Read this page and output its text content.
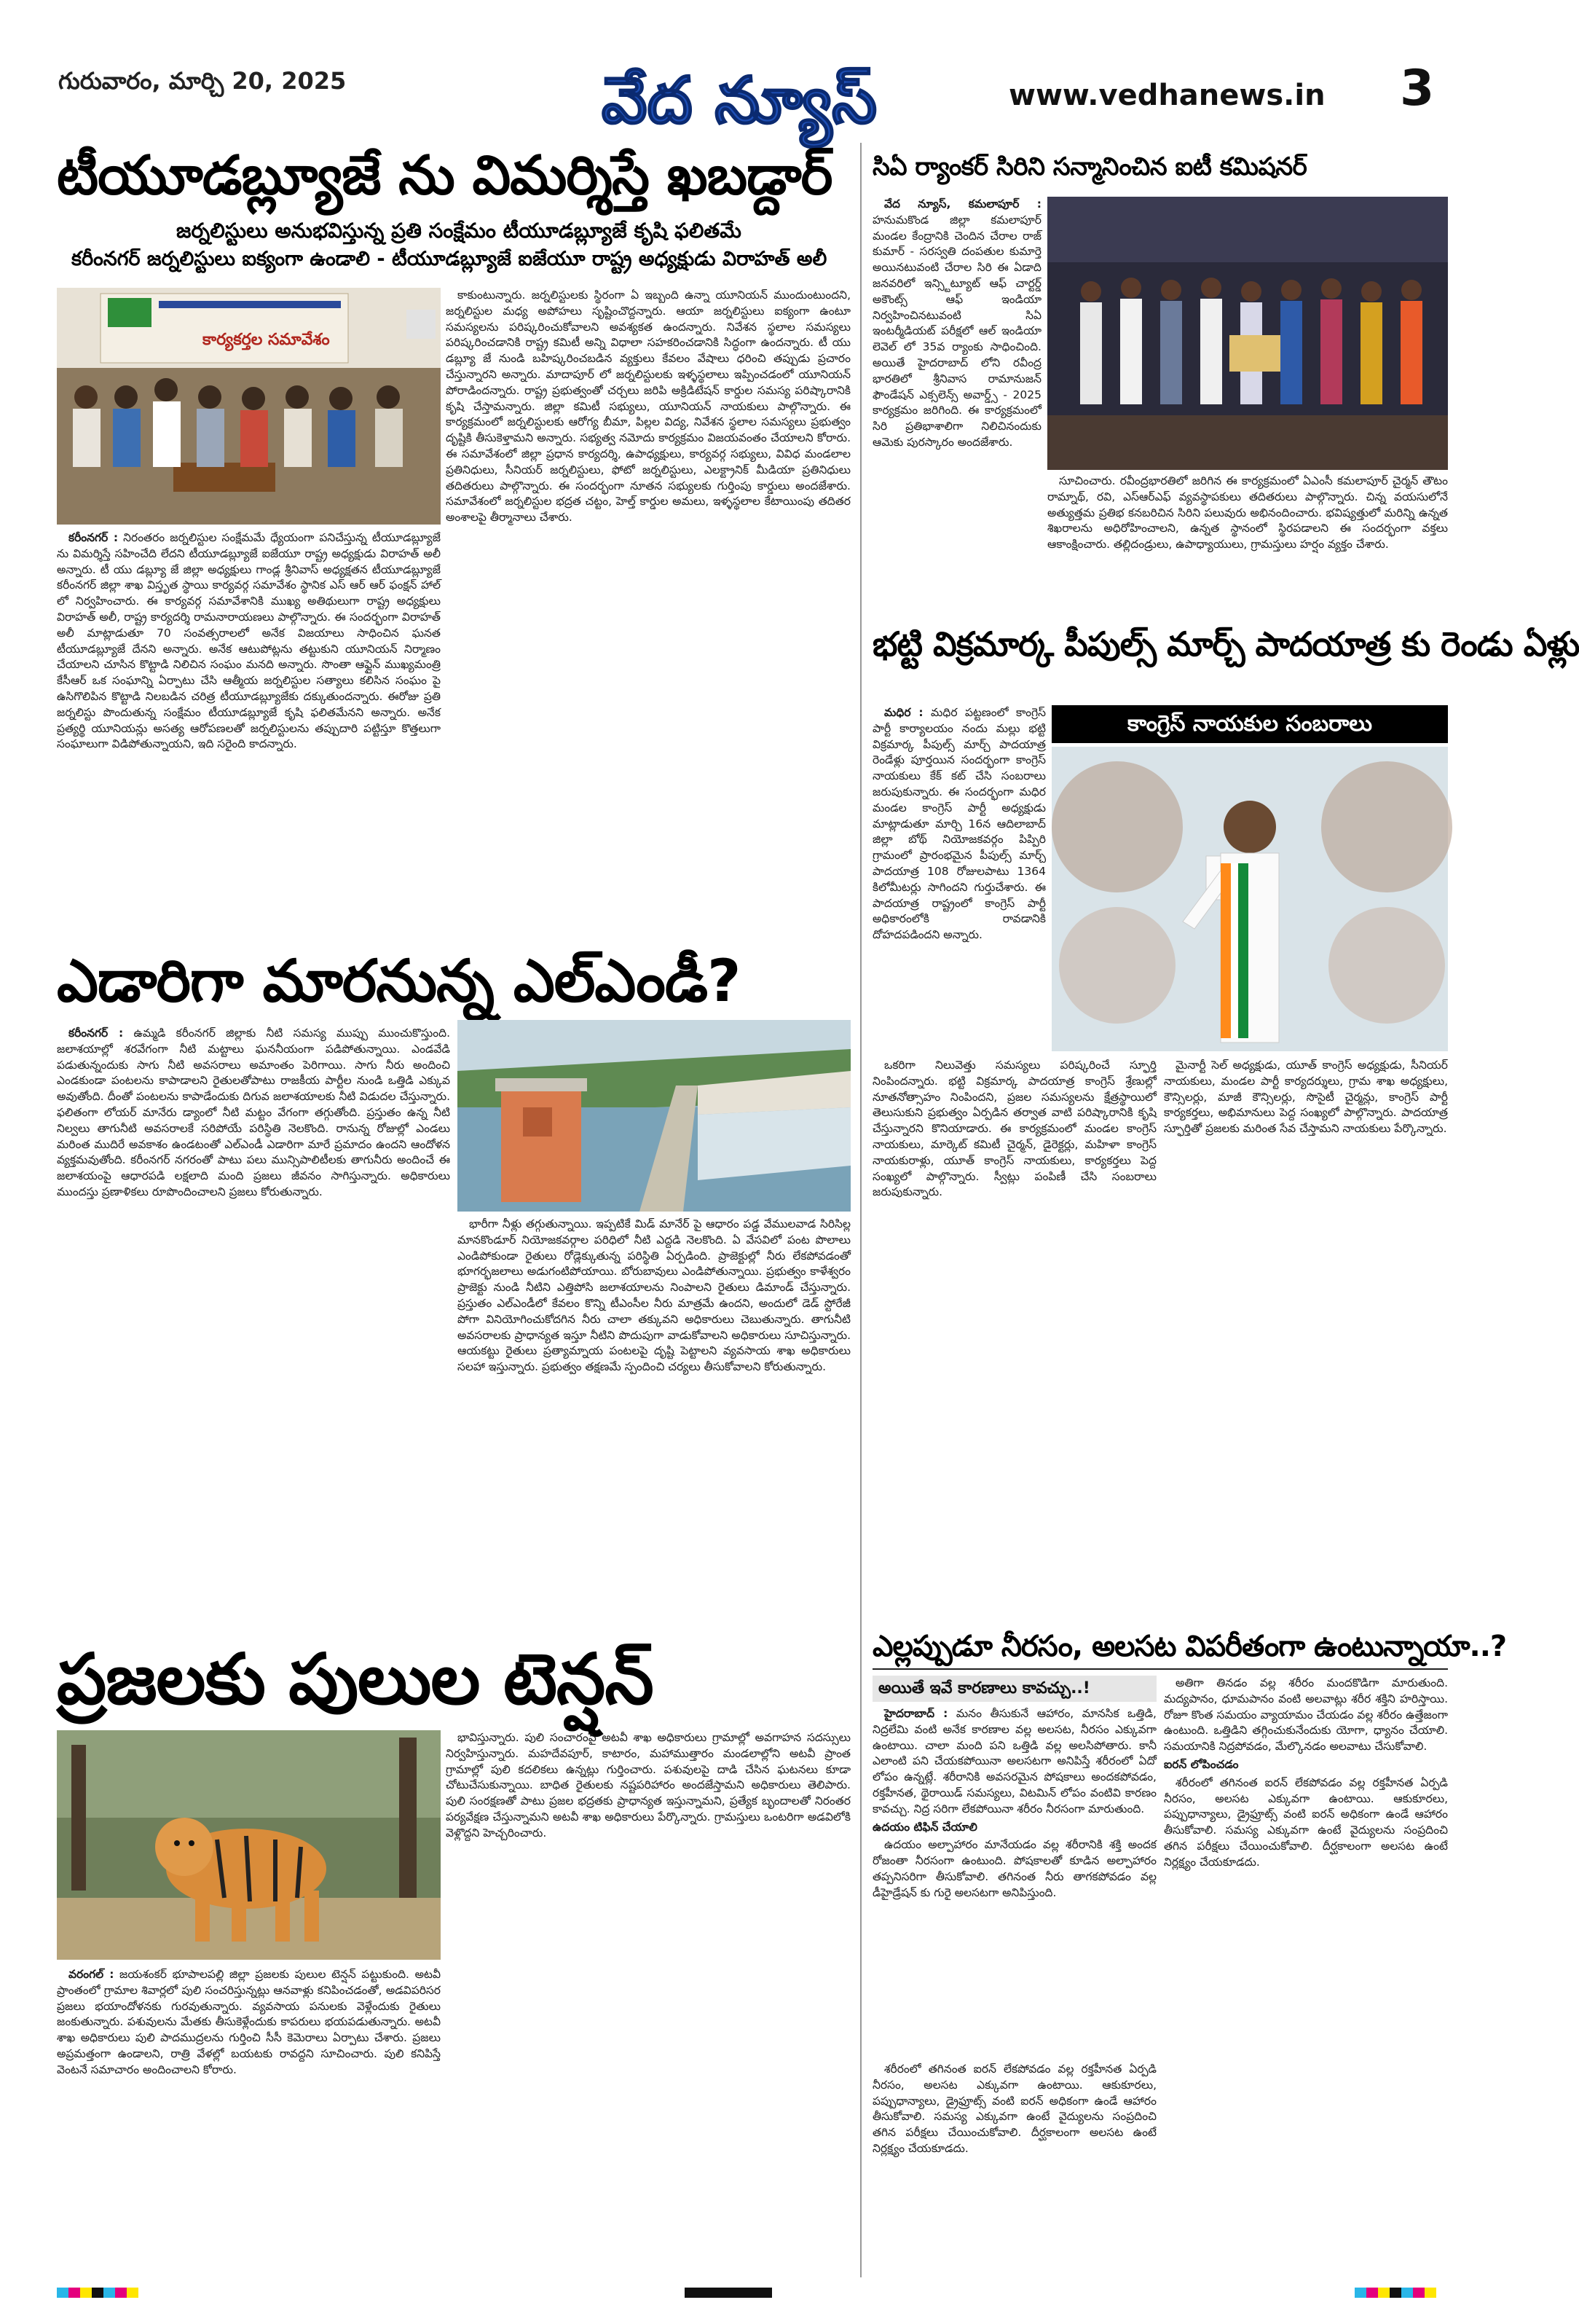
గురువారం, మార్చి 20, 2025	వేద న్యూస్	www.vedhanews.in 3
టీయూడబ్ల్యూజే ను విమర్శిస్తే ఖబడ్దార్
జర్నలిస్టులు అనుభవిస్తున్న ప్రతి సంక్షేమం టీయూడబ్ల్యూజే కృషి ఫలితమే
కరీంనగర్ జర్నలిస్టులు ఐక్యంగా ఉండాలి - టీయూడబ్ల్యూజే ఐజేయూ రాష్ట్ర అధ్యక్షుడు విరాహత్ అలీ
కార్యకర్తల సమావేశం

కాకుంటున్నారు. జర్నలిస్టులకు స్థిరంగా ఏ ఇబ్బంది ఉన్నా యూనియన్ ముందుంటుందని, జర్నలిస్టుల మధ్య అపోహలు సృష్టించొద్దన్నారు. ఆయా జర్నలిస్టులు ఐక్యంగా ఉంటూ సమస్యలను పరిష్కరించుకోవాలని అవశ్యకత ఉందన్నారు. నివేశన స్థలాల సమస్యలు పరిష్కరించడానికి రాష్ట్ర కమిటీ అన్ని విధాలా సహకరించడానికి సిద్ధంగా ఉందన్నారు. టీ యు డబ్ల్యూ జే నుండి బహిష్కరించబడిన వ్యక్తులు కేవలం వేషాలు ధరించి తప్పుడు ప్రచారం చేస్తున్నారని అన్నారు. మాదాపూర్ లో జర్నలిస్టులకు ఇళ్ళస్థలాలు ఇప్పించడంలో యూనియన్ పోరాడిందన్నారు. రాష్ట్ర ప్రభుత్వంతో చర్చలు జరిపి అక్రిడిటేషన్ కార్డుల సమస్య పరిష్కారానికి కృషి చేస్తామన్నారు. జిల్లా కమిటీ సభ్యులు, యూనియన్ నాయకులు పాల్గొన్నారు. ఈ కార్యక్రమంలో జర్నలిస్టులకు ఆరోగ్య బీమా, పిల్లల విద్య, నివేశన స్థలాల సమస్యలు ప్రభుత్వం దృష్టికి తీసుకెళ్తామని అన్నారు. సభ్యత్వ నమోదు కార్యక్రమం విజయవంతం చేయాలని కోరారు. ఈ సమావేశంలో జిల్లా ప్రధాన కార్యదర్శి, ఉపాధ్యక్షులు, కార్యవర్గ సభ్యులు, వివిధ మండలాల ప్రతినిధులు, సీనియర్ జర్నలిస్టులు, ఫోటో జర్నలిస్టులు, ఎలక్ట్రానిక్ మీడియా ప్రతినిధులు తదితరులు పాల్గొన్నారు. ఈ సందర్భంగా నూతన సభ్యులకు గుర్తింపు కార్డులు అందజేశారు. సమావేశంలో జర్నలిస్టుల భద్రత చట్టం, హెల్త్ కార్డుల అమలు, ఇళ్ళస్థలాల కేటాయింపు తదితర అంశాలపై తీర్మానాలు చేశారు.

కరీంనగర్ : నిరంతరం జర్నలిస్టుల సంక్షేమమే ధ్యేయంగా పనిచేస్తున్న టీయూడబ్ల్యూజే ను విమర్శిస్తే సహించేది లేదని టీయూడబ్ల్యూజే ఐజేయూ రాష్ట్ర అధ్యక్షుడు విరాహత్ అలీ అన్నారు. టీ యు డబ్ల్యూ జే జిల్లా అధ్యక్షులు గాండ్ల శ్రీనివాస్ అధ్యక్షతన టీయూడబ్ల్యూజే కరీంనగర్ జిల్లా శాఖ విస్తృత స్థాయి కార్యవర్గ సమావేశం స్థానిక ఎస్ ఆర్ ఆర్ ఫంక్షన్ హాల్ లో నిర్వహించారు. ఈ కార్యవర్గ సమావేశానికి ముఖ్య అతిథులుగా రాష్ట్ర అధ్యక్షులు విరాహత్ అలీ, రాష్ట్ర కార్యదర్శి రామనారాయణలు పాల్గొన్నారు. ఈ సందర్భంగా విరాహత్ అలీ మాట్లాడుతూ 70 సంవత్సరాలలో అనేక విజయాలు సాధించిన ఘనత టీయూడబ్ల్యూజే దేనని అన్నారు. అనేక ఆటుపోట్లను తట్టుకుని యూనియన్ నిర్మాణం చేయాలని చూసిన కొట్టాడి నిలిచిన సంఘం మనది అన్నారు. సొంతా ఆఫ్లైన్ ముఖ్యమంత్రి కేసీఆర్ ఒక సంఘాన్ని ఏర్పాటు చేసి ఆత్మీయ జర్నలిస్టుల సత్యాలు కలిసిన సంఘం పై ఉసిగొలిపిన కొట్టాడి నిలబడిన చరిత్ర టీయూడబ్ల్యూజేకు దక్కుతుందన్నారు. ఈరోజు ప్రతి జర్నలిస్టు పొందుతున్న సంక్షేమం టీయూడబ్ల్యూజే కృషి ఫలితమేనని అన్నారు. అనేక ప్రత్యర్థి యూనియన్లు అసత్య ఆరోపణలతో జర్నలిస్టులను తప్పుదారి పట్టిస్తూ కొత్తలుగా సంఘాలుగా విడిపోతున్నాయని, ఇది సరైంది కాదన్నారు.

ఎడారిగా మారనున్న ఎల్ఎండీ?

కరీంనగర్ : ఉమ్మడి కరీంనగర్ జిల్లాకు నీటి సమస్య ముప్పు ముంచుకొస్తుంది. జలాశయాల్లో శరవేగంగా నీటి మట్టాలు ఘననీయంగా పడిపోతున్నాయి. ఎండవేడి పడుతున్నందుకు సాగు నీటి అవసరాలు అమాంతం పెరిగాయి. సాగు నీరు అందించి ఎండకుండా పంటలను కాపాడాలని రైతులతోపాటు రాజకీయ పార్టీల నుండి ఒత్తిడి ఎక్కువ అవుతోంది. దీంతో పంటలను కాపాడేందుకు దిగువ జలాశయాలకు నీటి విడుదల చేస్తున్నారు. ఫలితంగా లోయర్ మానేరు డ్యాంలో నీటి మట్టం వేగంగా తగ్గుతోంది. ప్రస్తుతం ఉన్న నీటి నిల్వలు తాగునీటి అవసరాలకే సరిపోయే పరిస్థితి నెలకొంది. రానున్న రోజుల్లో ఎండలు మరింత ముదిరే అవకాశం ఉండటంతో ఎల్ఎండీ ఎడారిగా మారే ప్రమాదం ఉందని ఆందోళన వ్యక్తమవుతోంది. కరీంనగర్ నగరంతో పాటు పలు మున్సిపాలిటీలకు తాగునీరు అందించే ఈ జలాశయంపై ఆధారపడి లక్షలాది మంది ప్రజలు జీవనం సాగిస్తున్నారు. అధికారులు ముందస్తు ప్రణాళికలు రూపొందించాలని ప్రజలు కోరుతున్నారు.

భారీగా నీళ్లు తగ్గుతున్నాయి. ఇప్పటికే మిడ్ మానేర్ పై ఆధారం పడ్డ వేములవాడ సిరిసిల్ల మానకొండూర్ నియోజకవర్గాల పరిధిలో నీటి ఎద్దడి నెలకొంది. ఏ వేసవిలో పంట పొలాలు ఎండిపోకుండా రైతులు రోడ్లెక్కుతున్న పరిస్థితి ఏర్పడింది. ప్రాజెక్టుల్లో నీరు లేకపోవడంతో భూగర్భజలాలు అడుగంటిపోయాయి. బోరుబావులు ఎండిపోతున్నాయి. ప్రభుత్వం కాళేశ్వరం ప్రాజెక్టు నుండి నీటిని ఎత్తిపోసి జలాశయాలను నింపాలని రైతులు డిమాండ్ చేస్తున్నారు. ప్రస్తుతం ఎల్ఎండీలో కేవలం కొన్ని టీఎంసీల నీరు మాత్రమే ఉందని, అందులో డెడ్ స్టోరేజీ పోగా వినియోగించుకోదగిన నీరు చాలా తక్కువని అధికారులు చెబుతున్నారు. తాగునీటి అవసరాలకు ప్రాధాన్యత ఇస్తూ నీటిని పొదుపుగా వాడుకోవాలని అధికారులు సూచిస్తున్నారు. ఆయకట్టు రైతులు ప్రత్యామ్నాయ పంటలపై దృష్టి పెట్టాలని వ్యవసాయ శాఖ అధికారులు సలహా ఇస్తున్నారు. ప్రభుత్వం తక్షణమే స్పందించి చర్యలు తీసుకోవాలని కోరుతున్నారు.

ప్రజలకు పులుల టెన్షన్

వరంగల్ : జయశంకర్ భూపాలపల్లి జిల్లా ప్రజలకు పులుల టెన్షన్ పట్టుకుంది. అటవీ ప్రాంతంలో గ్రామాల శివార్లలో పులి సంచరిస్తున్నట్లు ఆనవాళ్లు కనిపించడంతో, అడవిపరిసర ప్రజలు భయాందోళనకు గురవుతున్నారు. వ్యవసాయ పనులకు వెళ్లేందుకు రైతులు జంకుతున్నారు. పశువులను మేతకు తీసుకెళ్లేందుకు కాపరులు భయపడుతున్నారు. అటవీ శాఖ అధికారులు పులి పాదముద్రలను గుర్తించి సీసీ కెమెరాలు ఏర్పాటు చేశారు. ప్రజలు అప్రమత్తంగా ఉండాలని, రాత్రి వేళల్లో బయటకు రావద్దని సూచించారు. పులి కనిపిస్తే వెంటనే సమాచారం అందించాలని కోరారు.

భావిస్తున్నారు. పులి సంచారంపై అటవీ శాఖ అధికారులు గ్రామాల్లో అవగాహన సదస్సులు నిర్వహిస్తున్నారు. మహదేవపూర్, కాటారం, మహాముత్తారం మండలాల్లోని అటవీ ప్రాంత గ్రామాల్లో పులి కదలికలు ఉన్నట్లు గుర్తించారు. పశువులపై దాడి చేసిన ఘటనలు కూడా చోటుచేసుకున్నాయి. బాధిత రైతులకు నష్టపరిహారం అందజేస్తామని అధికారులు తెలిపారు. పులి సంరక్షణతో పాటు ప్రజల భద్రతకు ప్రాధాన్యత ఇస్తున్నామని, ప్రత్యేక బృందాలతో నిరంతర పర్యవేక్షణ చేస్తున్నామని అటవీ శాఖ అధికారులు పేర్కొన్నారు. గ్రామస్తులు ఒంటరిగా అడవిలోకి వెళ్లొద్దని హెచ్చరించారు.

సిఏ ర్యాంకర్ సిరిని సన్మానించిన ఐటీ కమిషనర్

వేద న్యూస్, కమలాపూర్ : హనుమకొండ జిల్లా కమలాపూర్ మండల కేంద్రానికి చెందిన చేరాల రాజ్ కుమార్ - సరస్వతి దంపతుల కుమార్తె అయినటువంటి చేరాల సిరి ఈ ఏడాది జనవరిలో ఇన్స్టిట్యూట్ ఆఫ్ చార్టర్డ్ అకౌంట్స్ ఆఫ్ ఇండియా నిర్వహించినటువంటి సిఏ ఇంటర్మీడియట్ పరీక్షలో ఆల్ ఇండియా లెవెల్ లో 35వ ర్యాంకు సాధించింది. అయితే హైదరాబాద్ లోని రవీంద్ర భారతిలో శ్రీనివాస రామానుజన్ ఫౌండేషన్ ఎక్సలెన్స్ అవార్డ్స్ - 2025 కార్యక్రమం జరిగింది. ఈ కార్యక్రమంలో సిరి ప్రతిభాశాలిగా నిలిచినందుకు ఆమెకు పురస్కారం అందజేశారు.

సూచించారు. రవీంద్రభారతిలో జరిగిన ఈ కార్యక్రమంలో ఏఎంసీ కమలాపూర్ చైర్మన్ తౌటం రామ్నాథ్, రవి, ఎస్ఆర్ఎఫ్ వ్యవస్థాపకులు తదితరులు పాల్గొన్నారు. చిన్న వయసులోనే అత్యుత్తమ ప్రతిభ కనబరిచిన సిరిని పలువురు అభినందించారు. భవిష్యత్తులో మరిన్ని ఉన్నత శిఖరాలను అధిరోహించాలని, ఉన్నత స్థానంలో స్థిరపడాలని ఈ సందర్భంగా వక్తలు ఆకాంక్షించారు. తల్లిదండ్రులు, ఉపాధ్యాయులు, గ్రామస్తులు హర్షం వ్యక్తం చేశారు.

భట్టి విక్రమార్క పీపుల్స్ మార్చ్ పాదయాత్ర కు రెండు ఏళ్లు
కాంగ్రెస్ నాయకుల సంబరాలు

మధిర : మధిర పట్టణంలో కాంగ్రెస్ పార్టీ కార్యాలయం నందు మల్లు భట్టి విక్రమార్క పీపుల్స్ మార్చ్ పాదయాత్ర రెండేళ్లు పూర్తయిన సందర్భంగా కాంగ్రెస్ నాయకులు కేక్ కట్ చేసి సంబరాలు జరుపుకున్నారు. ఈ సందర్భంగా మధిర మండల కాంగ్రెస్ పార్టీ అధ్యక్షుడు మాట్లాడుతూ మార్చి 16న ఆదిలాబాద్ జిల్లా బోథ్ నియోజకవర్గం పిప్పిరి గ్రామంలో ప్రారంభమైన పీపుల్స్ మార్చ్ పాదయాత్ర 108 రోజులపాటు 1364 కిలోమీటర్లు సాగిందని గుర్తుచేశారు. ఈ పాదయాత్ర రాష్ట్రంలో కాంగ్రెస్ పార్టీ అధికారంలోకి రావడానికి దోహదపడిందని అన్నారు.

ఒకరిగా నిలువెత్తు సమస్యలు పరిష్కరించే స్ఫూర్తి నింపిందన్నారు. భట్టి విక్రమార్క పాదయాత్ర కాంగ్రెస్ శ్రేణుల్లో నూతనోత్సాహం నింపిందని, ప్రజల సమస్యలను క్షేత్రస్థాయిలో తెలుసుకుని ప్రభుత్వం ఏర్పడిన తర్వాత వాటి పరిష్కారానికి కృషి చేస్తున్నారని కొనియాడారు. ఈ కార్యక్రమంలో మండల కాంగ్రెస్ నాయకులు, మార్కెట్ కమిటీ చైర్మన్, డైరెక్టర్లు, మహిళా కాంగ్రెస్ నాయకురాళ్లు, యూత్ కాంగ్రెస్ నాయకులు, కార్యకర్తలు పెద్ద సంఖ్యలో పాల్గొన్నారు. స్వీట్లు పంపిణీ చేసి సంబరాలు జరుపుకున్నారు.

మైనార్టీ సెల్ అధ్యక్షుడు, యూత్ కాంగ్రెస్ అధ్యక్షుడు, సీనియర్ నాయకులు, మండల పార్టీ కార్యదర్శులు, గ్రామ శాఖ అధ్యక్షులు, కౌన్సిలర్లు, మాజీ కౌన్సిలర్లు, సొసైటీ చైర్మన్లు, కాంగ్రెస్ పార్టీ కార్యకర్తలు, అభిమానులు పెద్ద సంఖ్యలో పాల్గొన్నారు. పాదయాత్ర స్ఫూర్తితో ప్రజలకు మరింత సేవ చేస్తామని నాయకులు పేర్కొన్నారు.

ఎల్లప్పుడూ నీరసం, అలసట విపరీతంగా ఉంటున్నాయా..?
అయితే ఇవే కారణాలు కావచ్చు..!

హైదరాబాద్ : మనం తీసుకునే ఆహారం, మానసిక ఒత్తిడి, నిద్రలేమి వంటి అనేక కారణాల వల్ల అలసట, నీరసం ఎక్కువగా ఉంటాయి. చాలా మంది పని ఒత్తిడి వల్ల అలసిపోతారు. కానీ ఎలాంటి పని చేయకపోయినా అలసటగా అనిపిస్తే శరీరంలో ఏదో లోపం ఉన్నట్లే. శరీరానికి అవసరమైన పోషకాలు అందకపోవడం, రక్తహీనత, థైరాయిడ్ సమస్యలు, విటమిన్ లోపం వంటివి కారణం కావచ్చు. నిద్ర సరిగా లేకపోయినా శరీరం నీరసంగా మారుతుంది.

ఉదయం టిఫిన్ చేయాలి

ఉదయం అల్పాహారం మానేయడం వల్ల శరీరానికి శక్తి అందక రోజంతా నీరసంగా ఉంటుంది. పోషకాలతో కూడిన అల్పాహారం తప్పనిసరిగా తీసుకోవాలి. తగినంత నీరు తాగకపోవడం వల్ల డీహైడ్రేషన్ కు గురై అలసటగా అనిపిస్తుంది.

అతిగా తినడం వల్ల శరీరం మందకొడిగా మారుతుంది. మద్యపానం, ధూమపానం వంటి అలవాట్లు శరీర శక్తిని హరిస్తాయి. రోజూ కొంత సమయం వ్యాయామం చేయడం వల్ల శరీరం ఉత్తేజంగా ఉంటుంది. ఒత్తిడిని తగ్గించుకునేందుకు యోగా, ధ్యానం చేయాలి. సమయానికి నిద్రపోవడం, మేల్కొనడం అలవాటు చేసుకోవాలి.

ఐరన్ లోపించడం

శరీరంలో తగినంత ఐరన్ లేకపోవడం వల్ల రక్తహీనత ఏర్పడి నీరసం, అలసట ఎక్కువగా ఉంటాయి. ఆకుకూరలు, పప్పుధాన్యాలు, డ్రైఫ్రూట్స్ వంటి ఐరన్ అధికంగా ఉండే ఆహారం తీసుకోవాలి. సమస్య ఎక్కువగా ఉంటే వైద్యులను సంప్రదించి తగిన పరీక్షలు చేయించుకోవాలి. దీర్ఘకాలంగా అలసట ఉంటే నిర్లక్ష్యం చేయకూడదు.

శరీరంలో తగినంత ఐరన్ లేకపోవడం వల్ల రక్తహీనత ఏర్పడి నీరసం, అలసట ఎక్కువగా ఉంటాయి. ఆకుకూరలు, పప్పుధాన్యాలు, డ్రైఫ్రూట్స్ వంటి ఐరన్ అధికంగా ఉండే ఆహారం తీసుకోవాలి. సమస్య ఎక్కువగా ఉంటే వైద్యులను సంప్రదించి తగిన పరీక్షలు చేయించుకోవాలి. దీర్ఘకాలంగా అలసట ఉంటే నిర్లక్ష్యం చేయకూడదు.
